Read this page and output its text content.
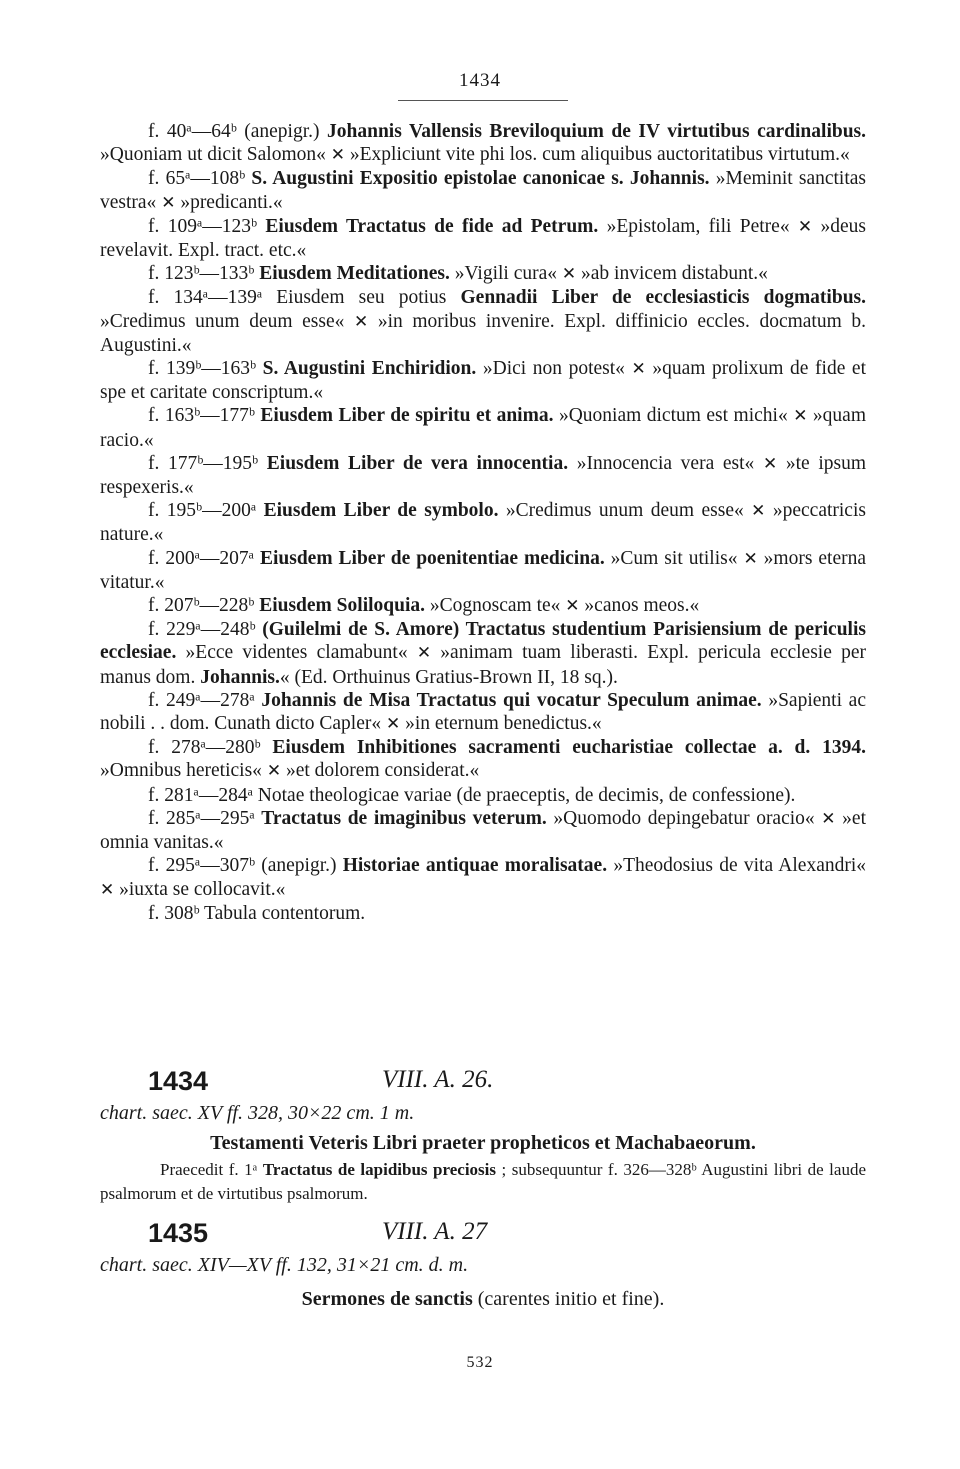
1434

f. 40ᵃ—64ᵇ (anepigr.) Johannis Vallensis Breviloquium de IV virtutibus cardinalibus. »Quoniam ut dicit Salomon« ✕ »Expliciunt vite phi los. cum aliquibus auctoritatibus virtutum.«

f. 65ᵃ—108ᵇ S. Augustini Expositio epistolae canonicae s. Johannis. »Meminit sanctitas vestra« ✕ »predicanti.«

f. 109ᵃ—123ᵇ Eiusdem Tractatus de fide ad Petrum. »Epistolam, fili Petre« ✕ »deus revelavit. Expl. tract. etc.«

f. 123ᵇ—133ᵇ Eiusdem Meditationes. »Vigili cura« ✕ »ab invicem distabunt.«

f. 134ᵃ—139ᵃ Eiusdem seu potius Gennadii Liber de ecclesiasticis dogmatibus. »Credimus unum deum esse« ✕ »in moribus invenire. Expl. diffinicio eccles. docmatum b. Augustini.«

f. 139ᵇ—163ᵇ S. Augustini Enchiridion. »Dici non potest« ✕ »quam prolixum de fide et spe et caritate conscriptum.«

f. 163ᵇ—177ᵇ Eiusdem Liber de spiritu et anima. »Quoniam dictum est michi« ✕ »quam racio.«

f. 177ᵇ—195ᵇ Eiusdem Liber de vera innocentia. »Innocencia vera est« ✕ »te ipsum respexeris.«

f. 195ᵇ—200ᵃ Eiusdem Liber de symbolo. »Credimus unum deum esse« ✕ »peccatricis nature.«

f. 200ᵃ—207ᵃ Eiusdem Liber de poenitentiae medicina. »Cum sit utilis« ✕ »mors eterna vitatur.«

f. 207ᵇ—228ᵇ Eiusdem Soliloquia. »Cognoscam te« ✕ »canos meos.«

f. 229ᵃ—248ᵇ (Guilelmi de S. Amore) Tractatus studentium Parisiensium de periculis ecclesiae. »Ecce videntes clamabunt« ✕ »animam tuam liberasti. Expl. pericula ecclesie per manus dom. Johannis.« (Ed. Orthuinus Gratius-Brown II, 18 sq.).

f. 249ᵃ—278ᵃ Johannis de Misa Tractatus qui vocatur Speculum animae. »Sapienti ac nobili . . dom. Cunath dicto Capler« ✕ »in eternum benedictus.«

f. 278ᵃ—280ᵇ Eiusdem Inhibitiones sacramenti eucharistiae collectae a. d. 1394. »Omnibus hereticis« ✕ »et dolorem considerat.«

f. 281ᵃ—284ᵃ Notae theologicae variae (de praeceptis, de decimis, de confessione).

f. 285ᵃ—295ᵃ Tractatus de imaginibus veterum. »Quomodo depingebatur oracio« ✕ »et omnia vanitas.«

f. 295ᵃ—307ᵇ (anepigr.) Historiae antiquae moralisatae. »Theodosius de vita Alexandri« ✕ »iuxta se collocavit.«

f. 308ᵇ Tabula contentorum.

1434	VIII. A. 26.
chart. saec. XV ff. 328, 30×22 cm. 1 m.
Testamenti Veteris Libri praeter propheticos et Machabaeorum.
Praecedit f. 1ᵃ Tractatus de lapidibus preciosis ; subsequuntur f. 326—328ᵇ Augustini libri de laude psalmorum et de virtutibus psalmorum.
1435	VIII. A. 27
chart. saec. XIV—XV ff. 132, 31×21 cm. d. m.
Sermones de sanctis (carentes initio et fine).
532
